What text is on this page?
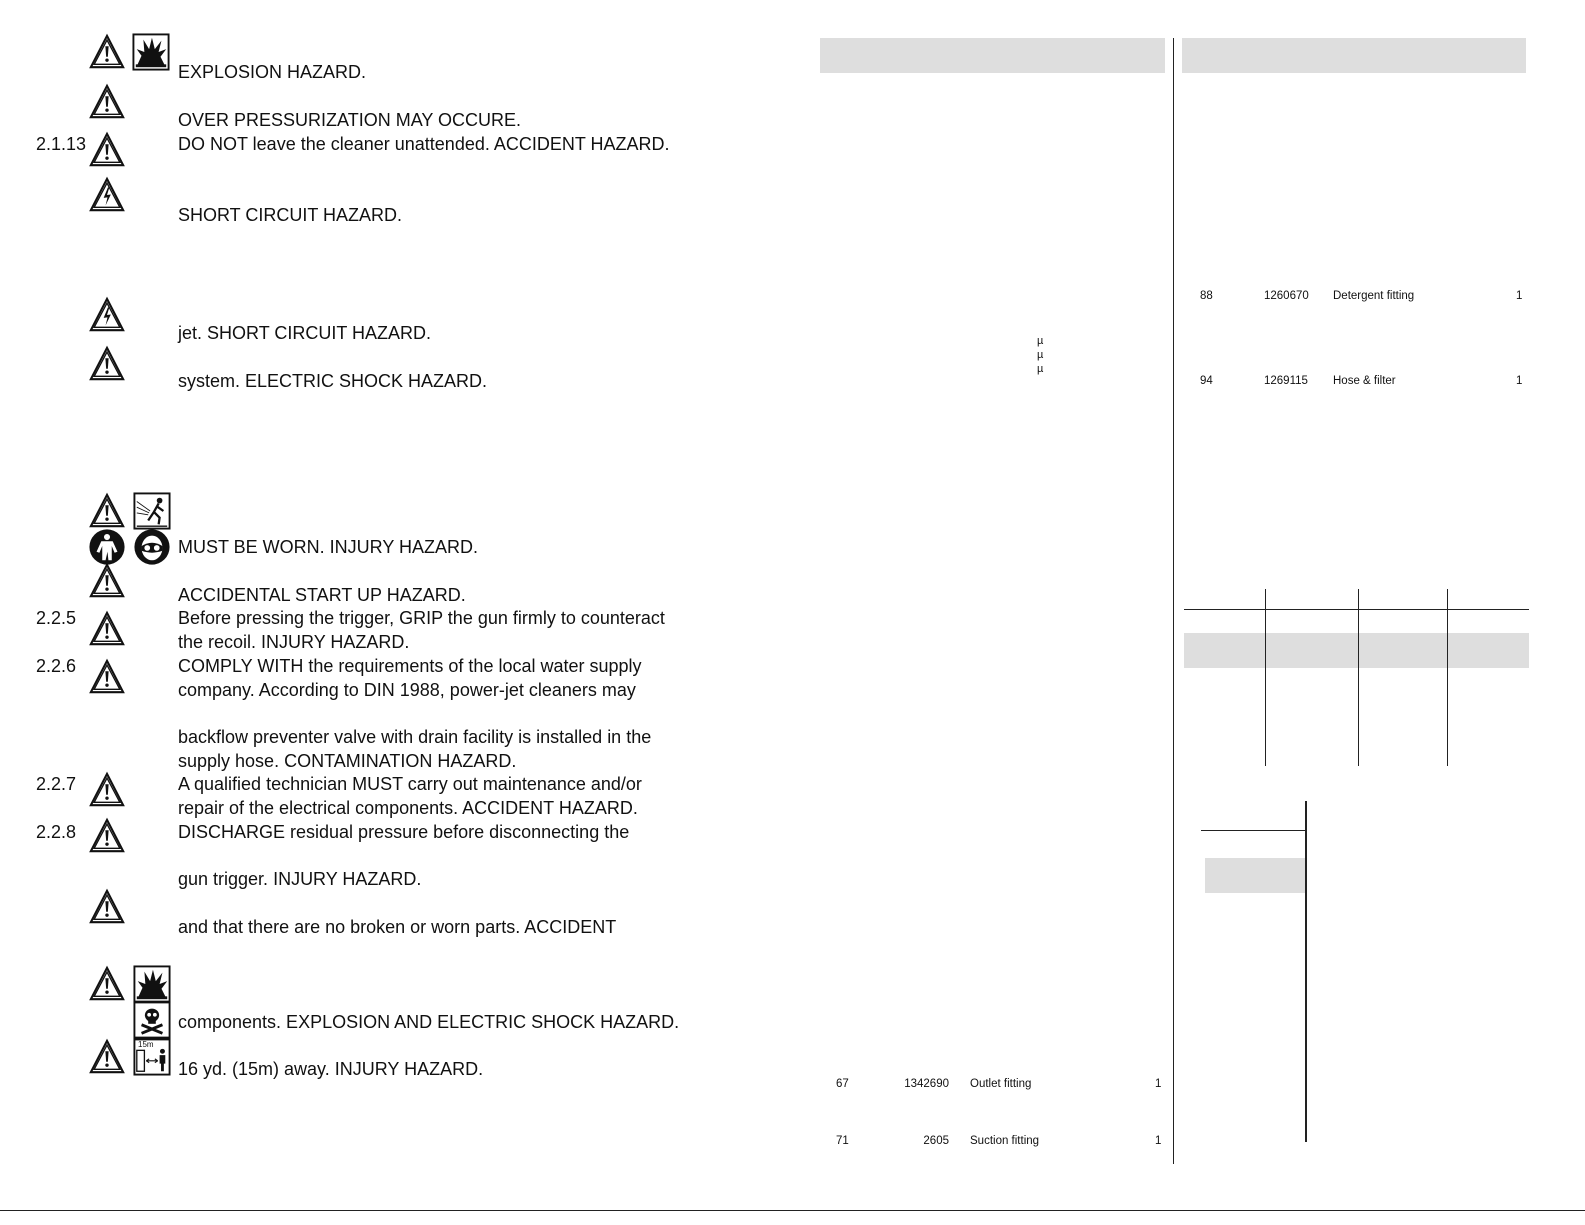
2.1.13
2.2.5
2.2.6
2.2.7
2.2.8
15m
EXPLOSION HAZARD.
OVER PRESSURIZATION MAY OCCURE.
DO NOT leave the cleaner unattended. ACCIDENT HAZARD.
SHORT CIRCUIT HAZARD.
jet. SHORT CIRCUIT HAZARD.
system. ELECTRIC SHOCK HAZARD.
MUST BE WORN. INJURY HAZARD.
ACCIDENTAL START UP HAZARD.
Before pressing the trigger, GRIP the gun firmly to counteract
the recoil. INJURY HAZARD.
COMPLY WITH the requirements of the local water supply
company. According to DIN 1988, power-jet cleaners may
backflow preventer valve with drain facility is installed in the
supply hose. CONTAMINATION HAZARD.
A qualified technician MUST carry out maintenance and/or
repair of the electrical components. ACCIDENT HAZARD.
DISCHARGE residual pressure before disconnecting the
gun trigger. INJURY HAZARD.
and that there are no broken or worn parts. ACCIDENT
components. EXPLOSION AND ELECTRIC SHOCK HAZARD.
16 yd. (15m) away. INJURY HAZARD.
µ
µ
µ
67	1342690 Outlet fitting	1
71	2605 Suction fitting	1
88	1260670 Detergent fitting	1
94	1269115 Hose & filter	1
